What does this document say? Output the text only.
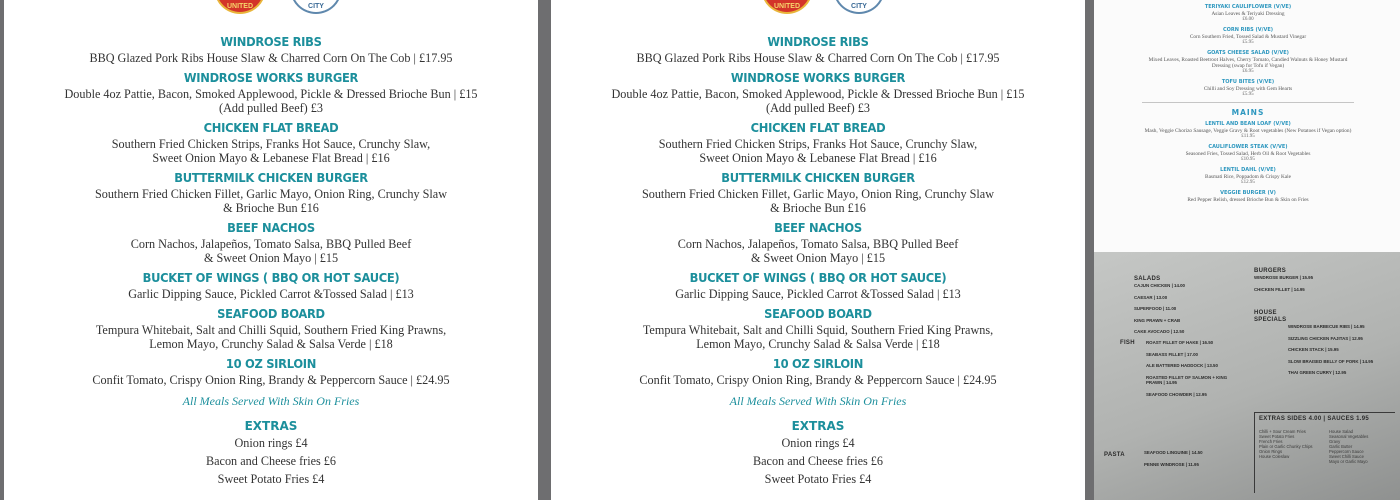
UNITED	CITY
WINDROSE RIBS
BBQ Glazed Pork Ribs House Slaw & Charred Corn On The Cob | £17.95
WINDROSE WORKS BURGER
Double 4oz Pattie, Bacon, Smoked Applewood, Pickle & Dressed Brioche Bun | £15
(Add pulled Beef) £3
CHICKEN FLAT BREAD
Southern Fried Chicken Strips, Franks Hot Sauce, Crunchy Slaw,
Sweet Onion Mayo & Lebanese Flat Bread | £16
BUTTERMILK CHICKEN BURGER
Southern Fried Chicken Fillet, Garlic Mayo, Onion Ring, Crunchy Slaw
& Brioche Bun £16
BEEF NACHOS
Corn Nachos, Jalapeños, Tomato Salsa, BBQ Pulled Beef
& Sweet Onion Mayo | £15
BUCKET OF WINGS ( BBQ OR HOT SAUCE)
Garlic Dipping Sauce, Pickled Carrot &Tossed Salad | £13
SEAFOOD BOARD
Tempura Whitebait, Salt and Chilli Squid, Southern Fried King Prawns,
Lemon Mayo, Crunchy Salad & Salsa Verde | £18
10 OZ SIRLOIN
Confit Tomato, Crispy Onion Ring, Brandy & Peppercorn Sauce | £24.95
All Meals Served With Skin On Fries
EXTRAS
Onion rings £4
Bacon and Cheese fries £6
Sweet Potato Fries £4
UNITED	CITY
WINDROSE RIBS
BBQ Glazed Pork Ribs House Slaw & Charred Corn On The Cob | £17.95
WINDROSE WORKS BURGER
Double 4oz Pattie, Bacon, Smoked Applewood, Pickle & Dressed Brioche Bun | £15
(Add pulled Beef) £3
CHICKEN FLAT BREAD
Southern Fried Chicken Strips, Franks Hot Sauce, Crunchy Slaw,
Sweet Onion Mayo & Lebanese Flat Bread | £16
BUTTERMILK CHICKEN BURGER
Southern Fried Chicken Fillet, Garlic Mayo, Onion Ring, Crunchy Slaw
& Brioche Bun £16
BEEF NACHOS
Corn Nachos, Jalapeños, Tomato Salsa, BBQ Pulled Beef
& Sweet Onion Mayo | £15
BUCKET OF WINGS ( BBQ OR HOT SAUCE)
Garlic Dipping Sauce, Pickled Carrot &Tossed Salad | £13
SEAFOOD BOARD
Tempura Whitebait, Salt and Chilli Squid, Southern Fried King Prawns,
Lemon Mayo, Crunchy Salad & Salsa Verde | £18
10 OZ SIRLOIN
Confit Tomato, Crispy Onion Ring, Brandy & Peppercorn Sauce | £24.95
All Meals Served With Skin On Fries
EXTRAS
Onion rings £4
Bacon and Cheese fries £6
Sweet Potato Fries £4
TERIYAKI CAULIFLOWER (V/VE)
Asian Leaves & Teriyaki Dressing
£6.00
CORN RIBS (V/VE)
Corn Southern Fried, Tossed Salad & Mustard Vinegar
£5.95
GOATS CHEESE SALAD (V/VE)
Mixed Leaves, Roasted Beetroot Halves, Cherry Tomato, Candied Walnuts & Honey Mustard Dressing (swap for Tofu if Vegan)
£6.95
TOFU BITES (V/VE)
Chilli and Soy Dressing with Gem Hearts
£5.95
MAINS
LENTIL AND BEAN LOAF (V/VE)
Mash, Veggie Chorizo Sausage, Veggie Gravy & Root vegetables (New Potatoes if Vegan option)
£11.95
CAULIFLOWER STEAK (V/VE)
Seasoned Fries, Tossed Salad, Herb Oil & Root Vegetables
£10.95
LENTIL DAHL (V/VE)
Basmati Rice, Poppadom & Crispy Kale
£12.95
VEGGIE BURGER (V)
Red Pepper Relish, dressed Brioche Bun & Skin on Fries
SALADS
CAJUN CHICKEN | 14.00
CAESAR | 13.00
SUPERFOOD | 11.00
KING PRAWN + CRAB
CAKE AVOCADO | 12.50
BURGERS
WINDROSE BURGER | 15.95
CHICKEN FILLET | 14.95
HOUSE SPECIALS
WINDROSE BARBECUE RIBS | 14.95
SIZZLING CHICKEN FAJITAS | 12.95
CHICKEN STACK | 15.95
SLOW BRAISED BELLY OF PORK | 14.95
THAI GREEN CURRY | 12.95
FISH	ROAST FILLET OF HAKE | 16.50
SEABASS FILLET | 17.00
ALE BATTERED HADDOCK | 13.50
ROASTED FILLET OF SALMON + KING PRAWN | 14.95
SEAFOOD CHOWDER | 12.95
PASTA	SEAFOOD LINGUINE | 14.50
PENNE WINDROSE | 11.95
EXTRAS SIDES 4.00 | SAUCES 1.95
Chilli + Sour Cream Fries
Sweet Potato Fries
French Fries
Plain or Garlic Chunky Chips
Onion Rings
House Coleslaw
House Salad
Seasonal Vegetables
Gravy
Garlic Butter
Peppercorn Sauce
Sweet Chilli Sauce
Mayo or Garlic Mayo
